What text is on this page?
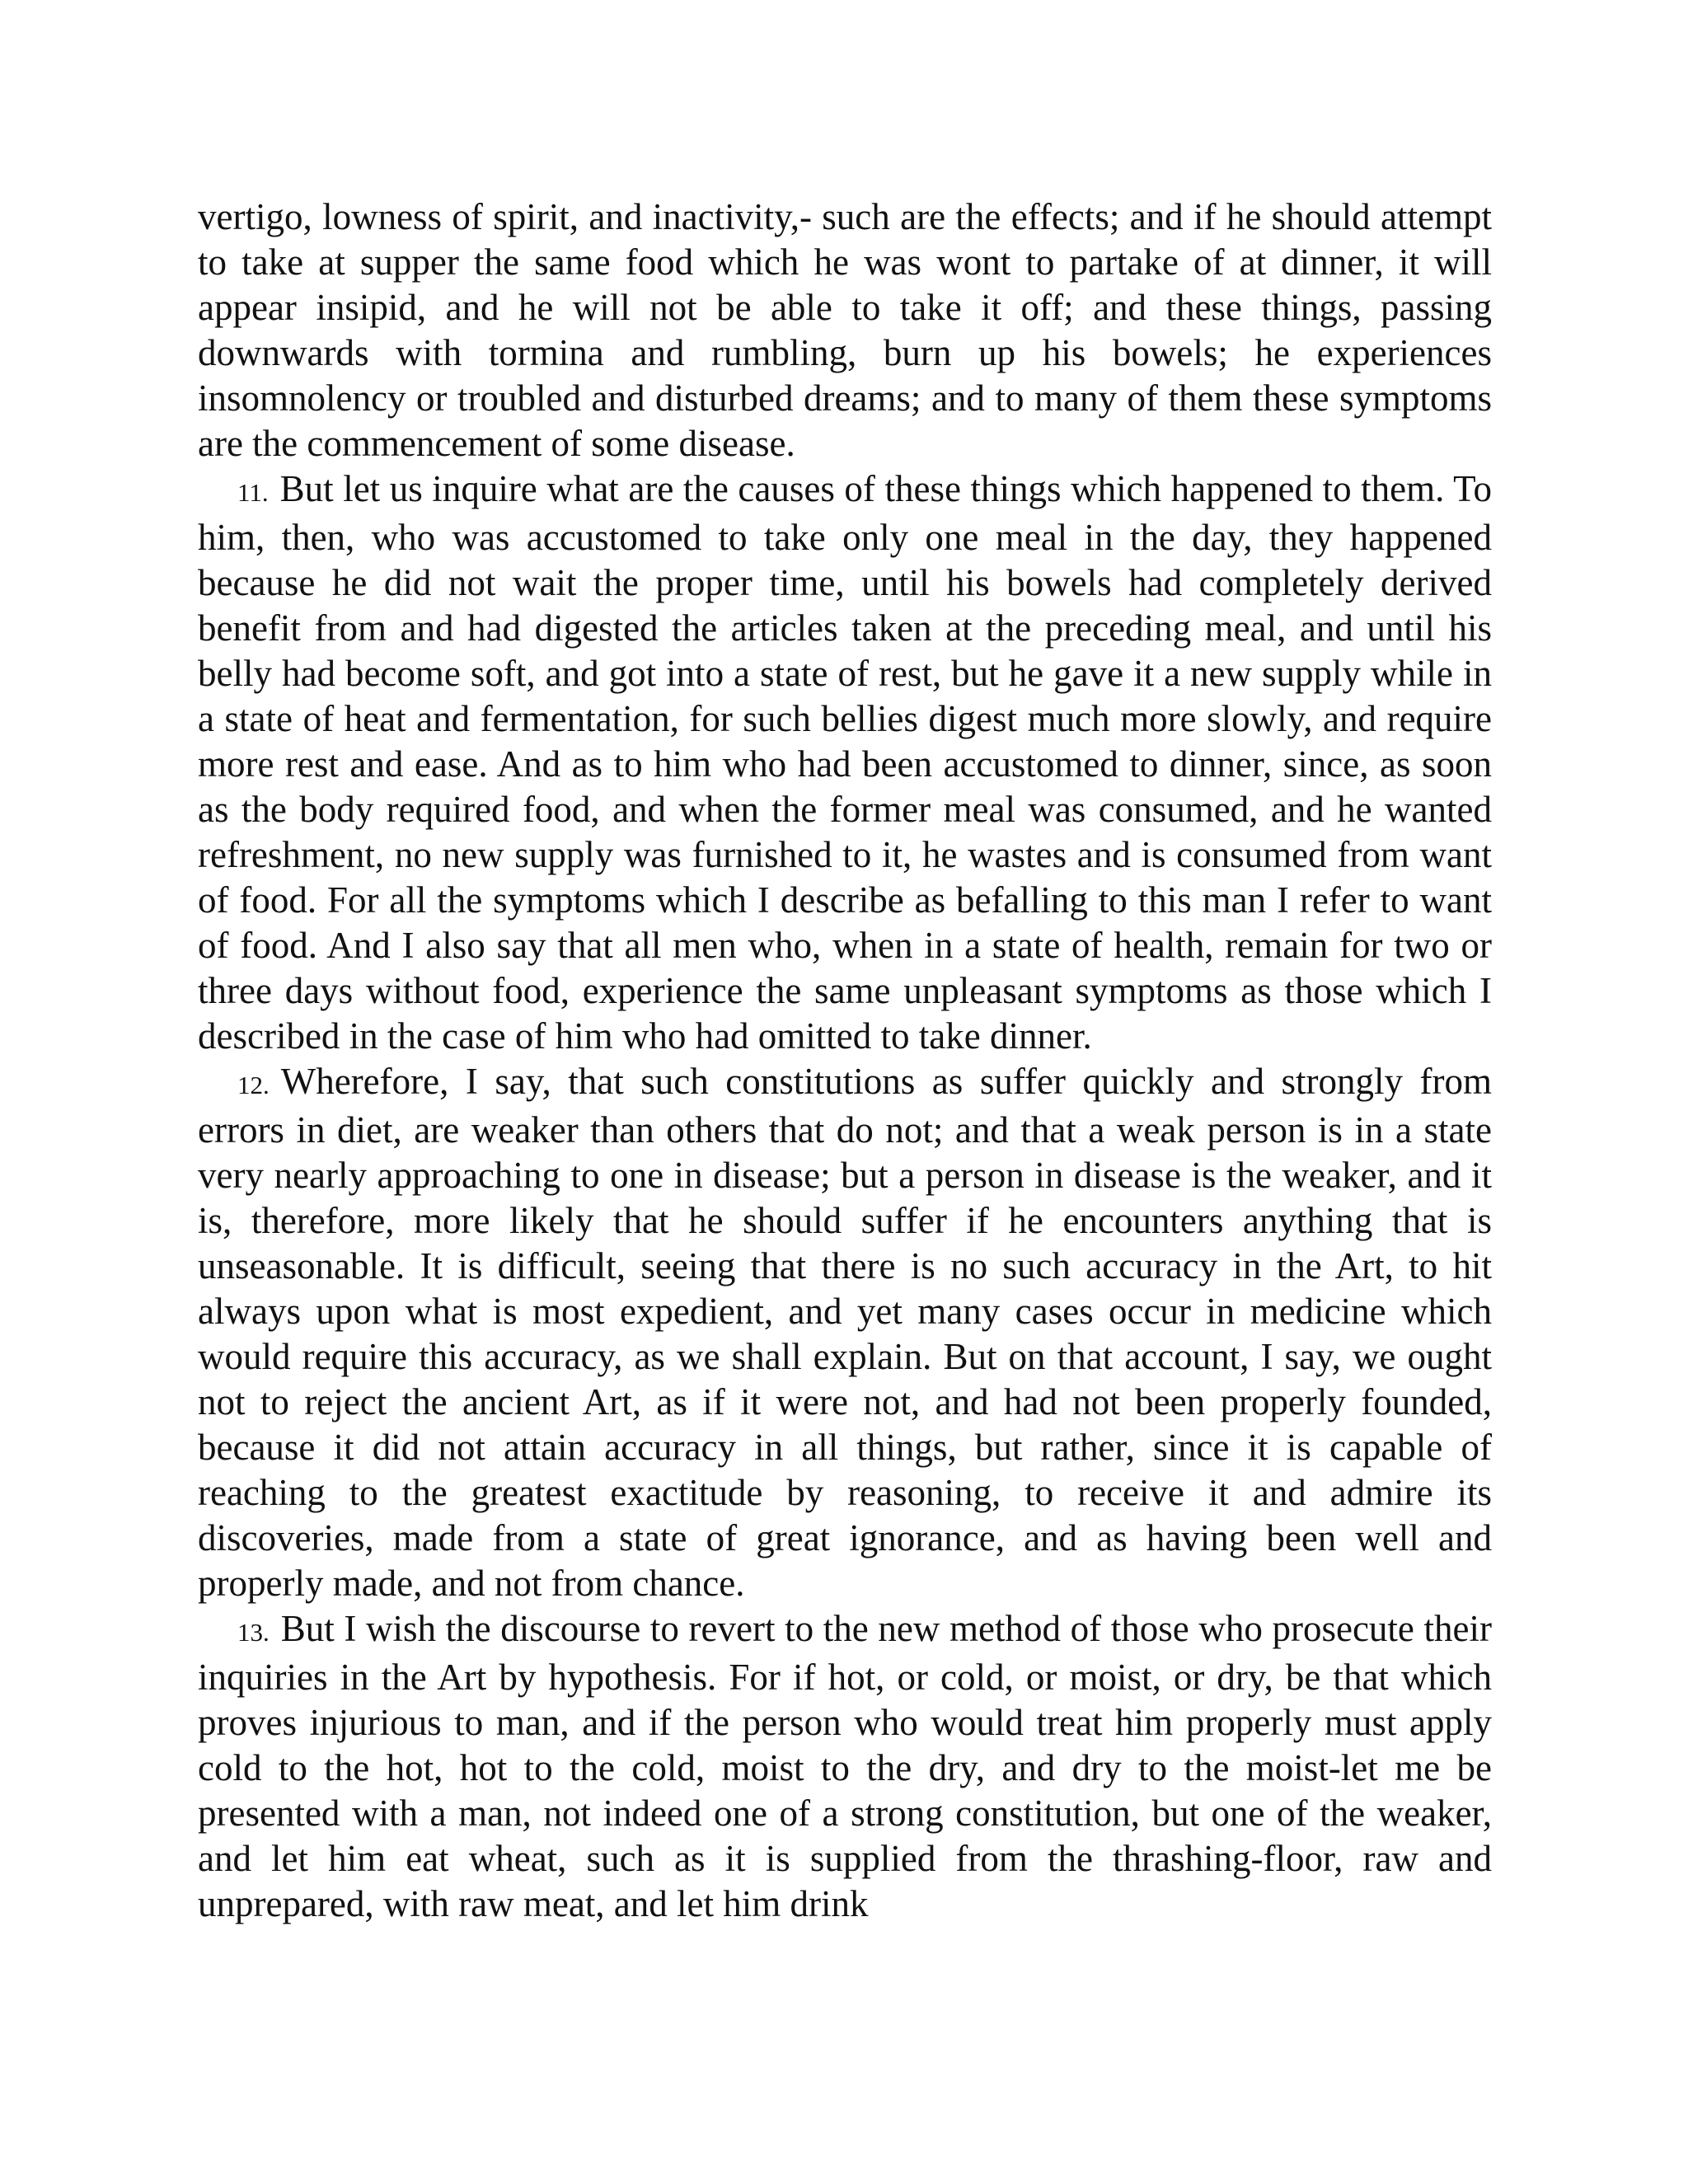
vertigo, lowness of spirit, and inactivity,- such are the effects; and if he should attempt to take at supper the same food which he was wont to partake of at dinner, it will appear insipid, and he will not be able to take it off; and these things, passing downwards with tormina and rumbling, burn up his bowels; he experiences insomnolency or troubled and disturbed dreams; and to many of them these symptoms are the commencement of some disease.

11. But let us inquire what are the causes of these things which happened to them. To him, then, who was accustomed to take only one meal in the day, they happened because he did not wait the proper time, until his bowels had completely derived benefit from and had digested the articles taken at the preceding meal, and until his belly had become soft, and got into a state of rest, but he gave it a new supply while in a state of heat and fermentation, for such bellies digest much more slowly, and require more rest and ease. And as to him who had been accustomed to dinner, since, as soon as the body required food, and when the former meal was consumed, and he wanted refreshment, no new supply was furnished to it, he wastes and is consumed from want of food. For all the symptoms which I describe as befalling to this man I refer to want of food. And I also say that all men who, when in a state of health, remain for two or three days without food, experience the same unpleasant symptoms as those which I described in the case of him who had omitted to take dinner.

12. Wherefore, I say, that such constitutions as suffer quickly and strongly from errors in diet, are weaker than others that do not; and that a weak person is in a state very nearly approaching to one in disease; but a person in disease is the weaker, and it is, therefore, more likely that he should suffer if he encounters anything that is unseasonable. It is difficult, seeing that there is no such accuracy in the Art, to hit always upon what is most expedient, and yet many cases occur in medicine which would require this accuracy, as we shall explain. But on that account, I say, we ought not to reject the ancient Art, as if it were not, and had not been properly founded, because it did not attain accuracy in all things, but rather, since it is capable of reaching to the greatest exactitude by reasoning, to receive it and admire its discoveries, made from a state of great ignorance, and as having been well and properly made, and not from chance.

13. But I wish the discourse to revert to the new method of those who prosecute their inquiries in the Art by hypothesis. For if hot, or cold, or moist, or dry, be that which proves injurious to man, and if the person who would treat him properly must apply cold to the hot, hot to the cold, moist to the dry, and dry to the moist-let me be presented with a man, not indeed one of a strong constitution, but one of the weaker, and let him eat wheat, such as it is supplied from the thrashing-floor, raw and unprepared, with raw meat, and let him drink
